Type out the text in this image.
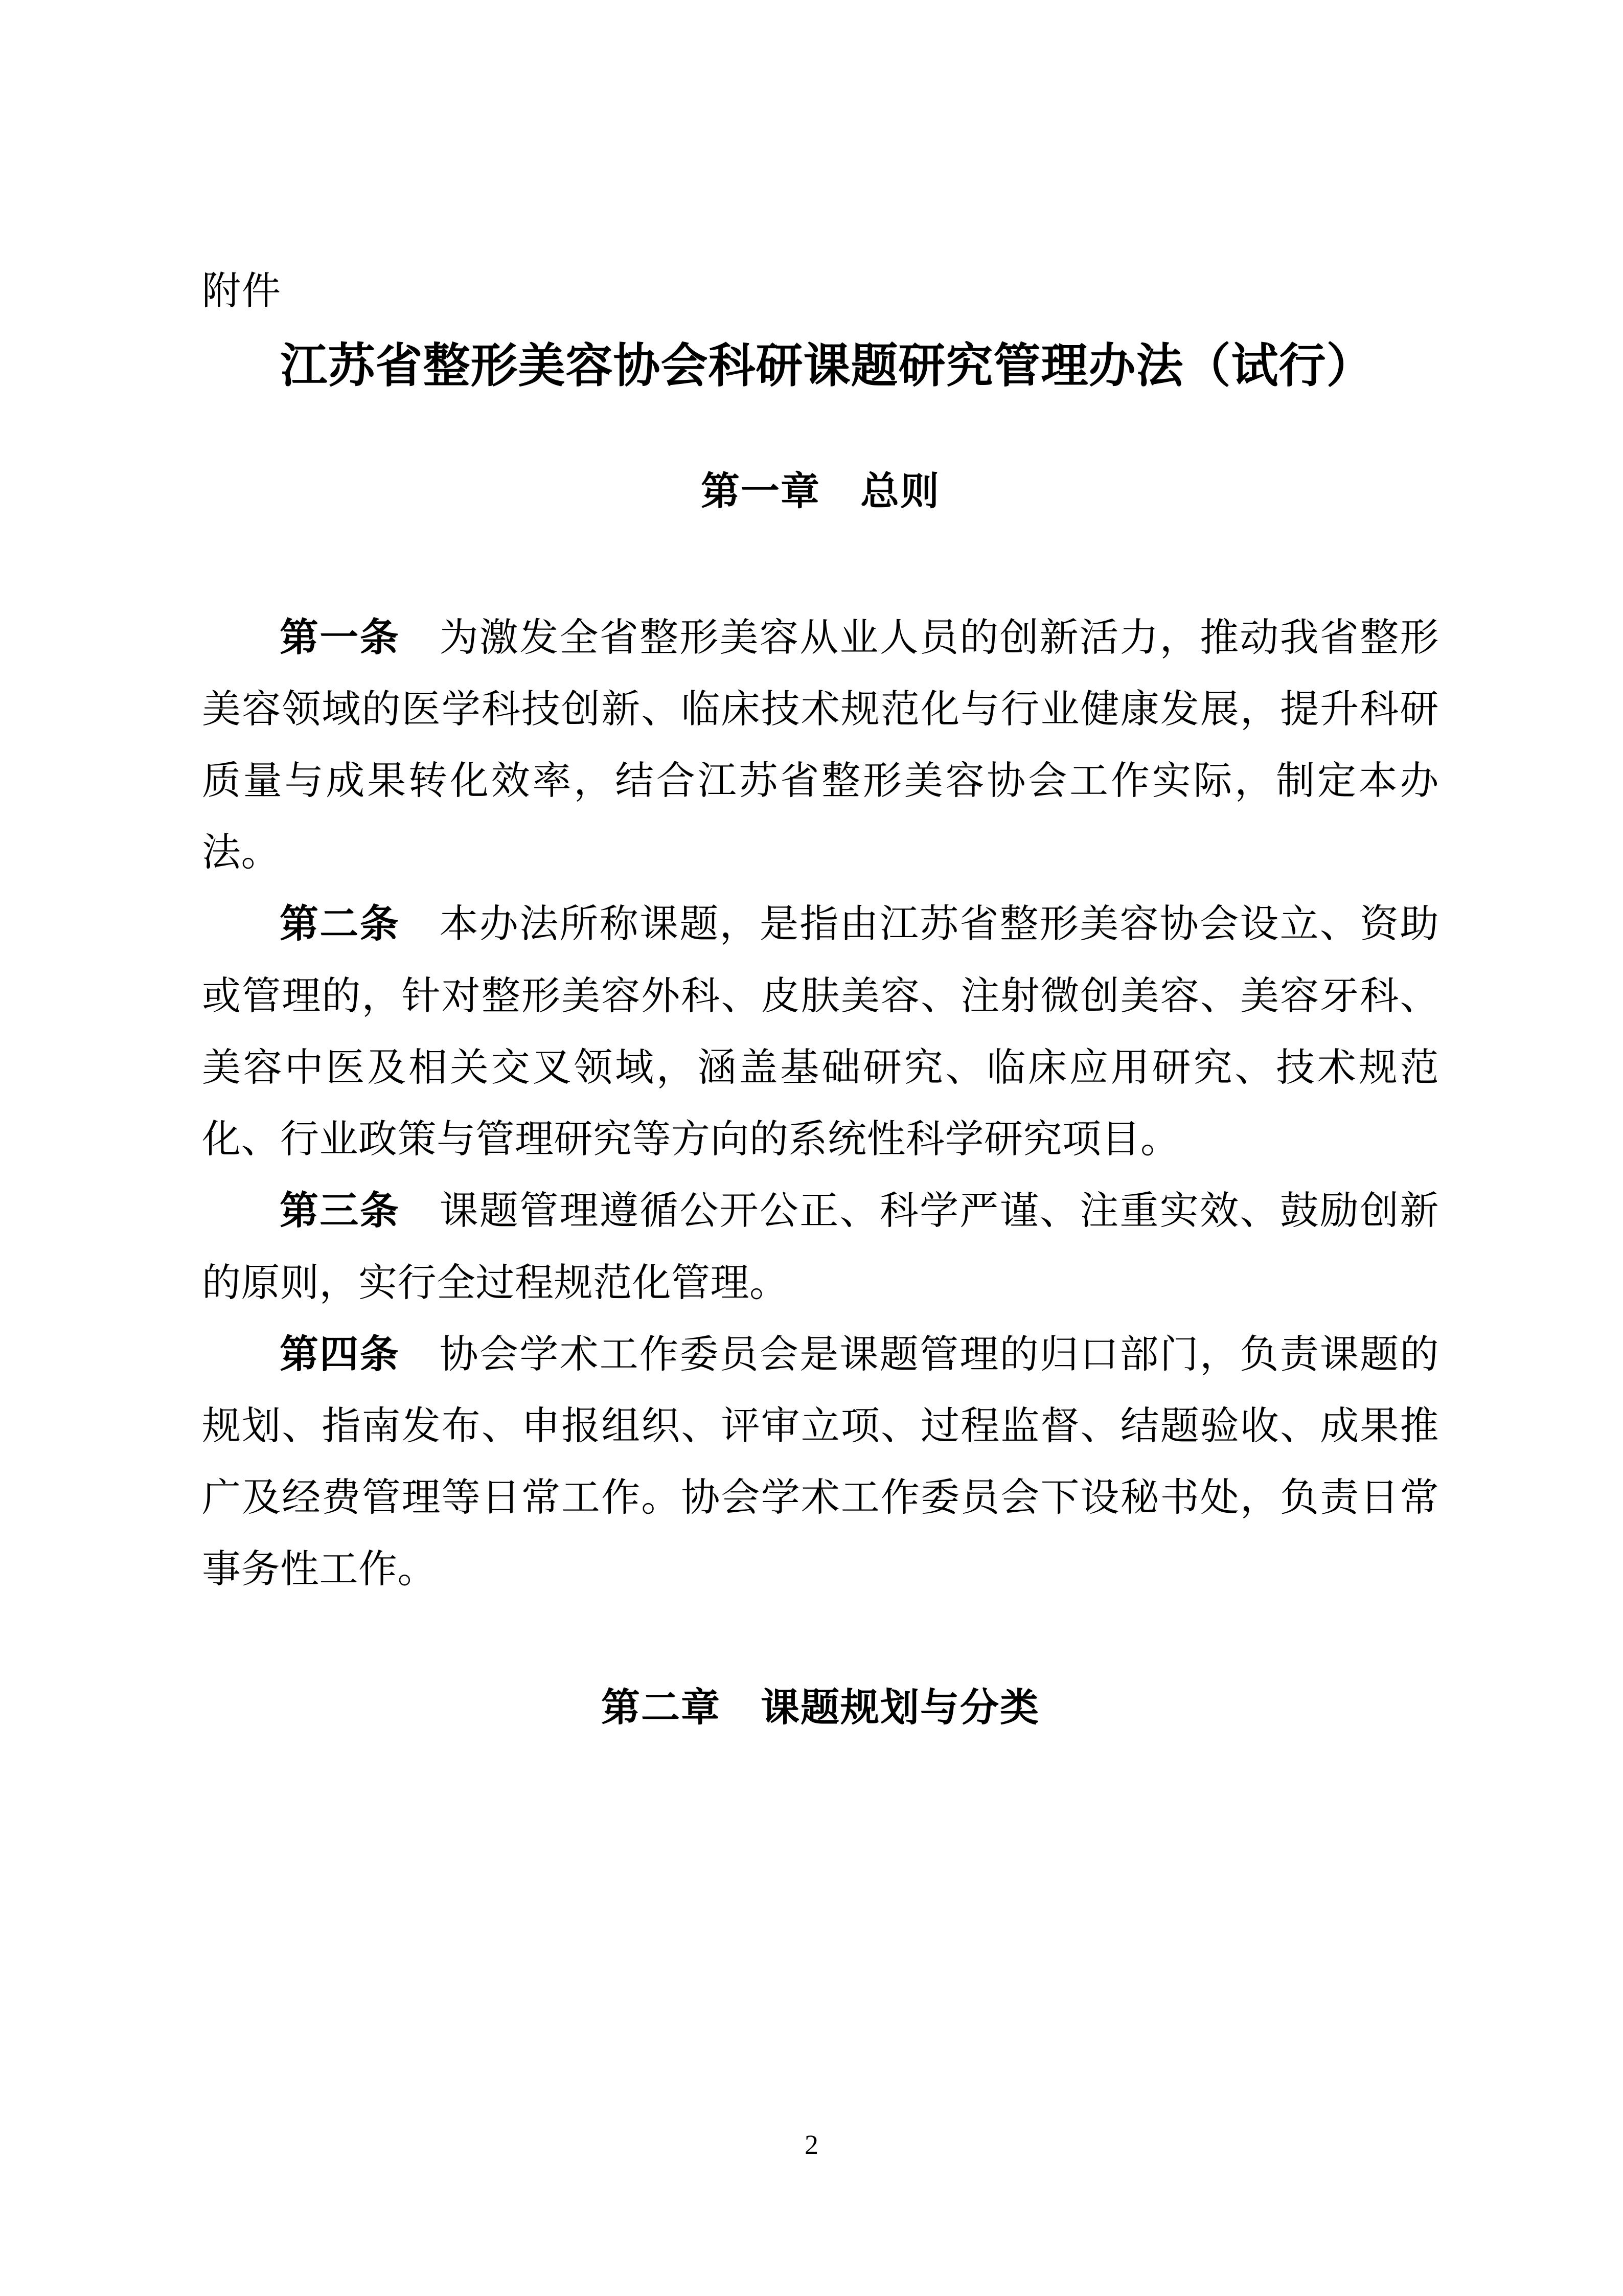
附件
江苏省整形美容协会科研课题研究管理办法（试行）
第一章　总则

第一条 为激发全省整形美容从业人员的创新活力，推动我省整形美容领域的医学科技创新、临床技术规范化与行业健康发展，提升科研质量与成果转化效率，结合江苏省整形美容协会工作实际，制定本办法。

第二条 本办法所称课题，是指由江苏省整形美容协会设立、资助或管理的，针对整形美容外科、皮肤美容、注射微创美容、美容牙科、美容中医及相关交叉领域，涵盖基础研究、临床应用研究、技术规范化、行业政策与管理研究等方向的系统性科学研究项目。

第三条 课题管理遵循公开公正、科学严谨、注重实效、鼓励创新的原则，实行全过程规范化管理。

第四条 协会学术工作委员会是课题管理的归口部门，负责课题的规划、指南发布、申报组织、评审立项、过程监督、结题验收、成果推广及经费管理等日常工作。协会学术工作委员会下设秘书处，负责日常事务性工作。

第二章　课题规划与分类
2
